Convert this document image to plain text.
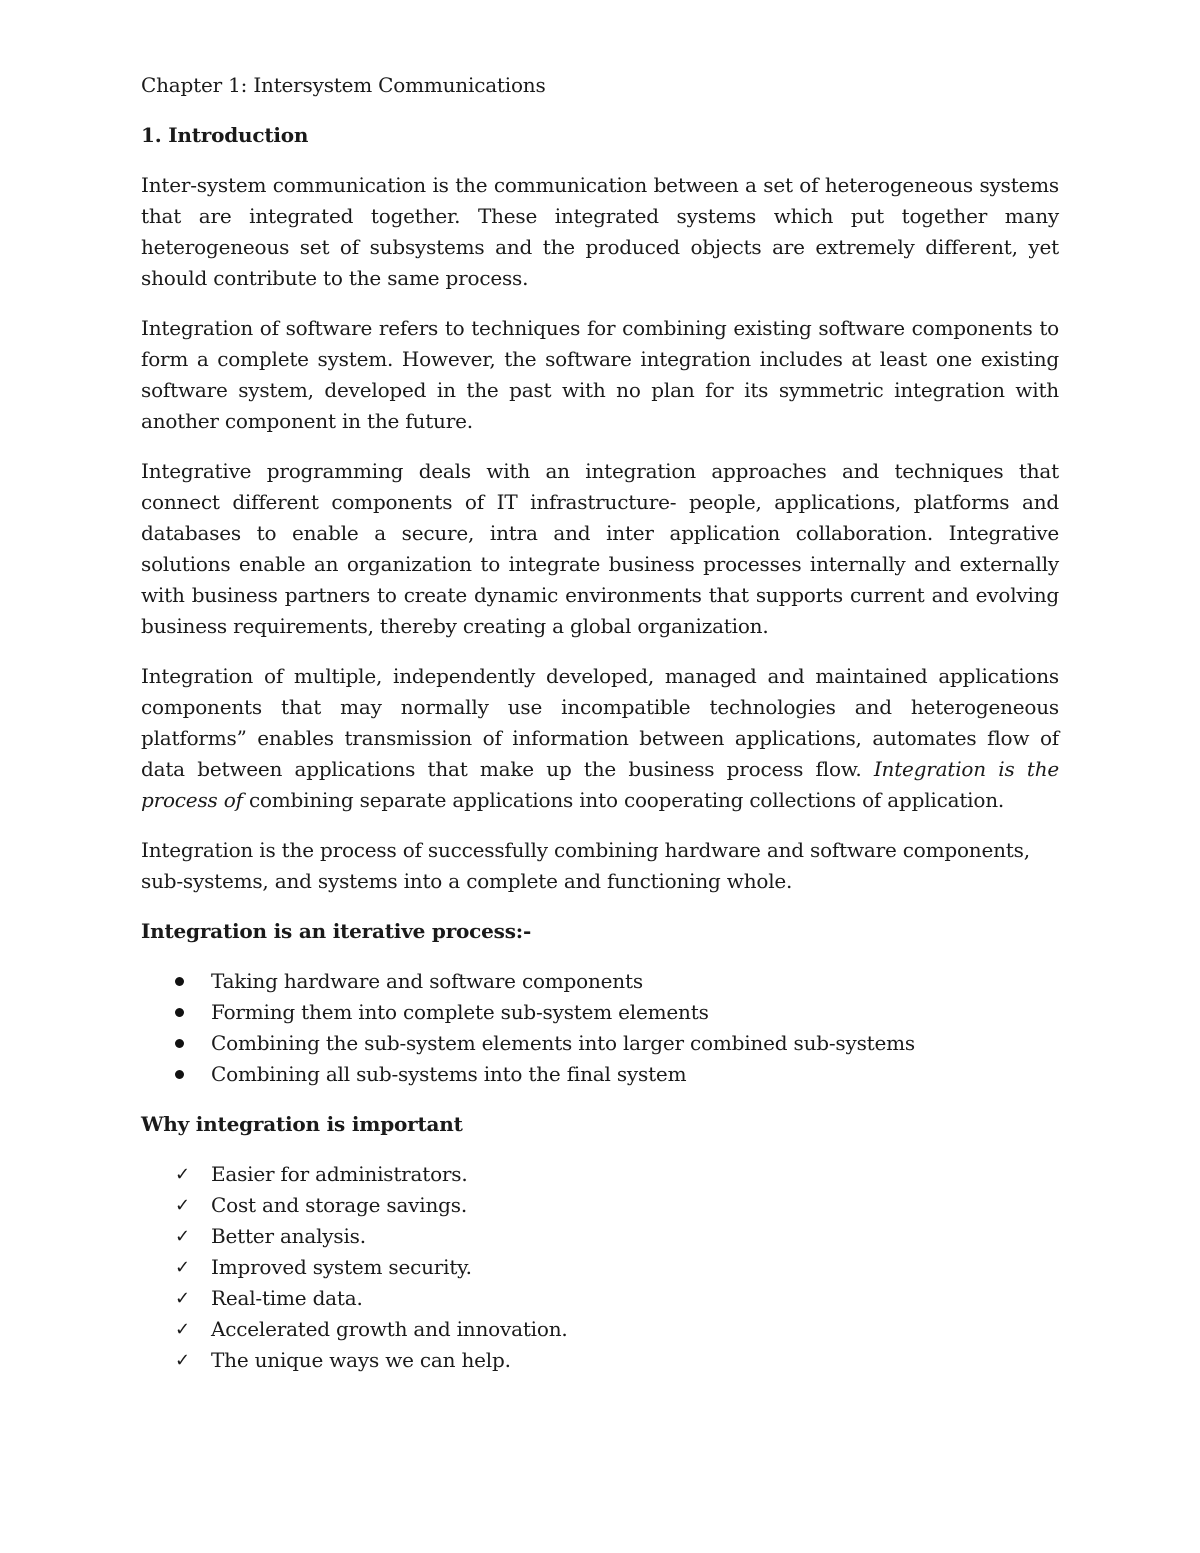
Chapter 1: Intersystem Communications
1. Introduction

Inter-system communication is the communication between a set of heterogeneous systems that are integrated together. These integrated systems which put together many heterogeneous set of subsystems and the produced objects are extremely different, yet should contribute to the same process.

Integration of software refers to techniques for combining existing software components to form a complete system. However, the software integration includes at least one existing software system, developed in the past with no plan for its symmetric integration with another component in the future.

Integrative programming deals with an integration approaches and techniques that connect different components of IT infrastructure- people, applications, platforms and databases to enable a secure, intra and inter application collaboration. Integrative solutions enable an organization to integrate business processes internally and externally with business partners to create dynamic environments that supports current and evolving business requirements, thereby creating a global organization.

Integration of multiple, independently developed, managed and maintained applications components that may normally use incompatible technologies and heterogeneous platforms” enables transmission of information between applications, automates flow of data between applications that make up the business process flow. Integration is the process of combining separate applications into cooperating collections of application.

Integration is the process of successfully combining hardware and software components, sub-systems, and systems into a complete and functioning whole.

Integration is an iterative process:-
Taking hardware and software components
Forming them into complete sub-system elements
Combining the sub-system elements into larger combined sub-systems
Combining all sub-systems into the final system
Why integration is important
✓	Easier for administrators.
✓	Cost and storage savings.
✓	Better analysis.
✓	Improved system security.
✓	Real-time data.
✓	Accelerated growth and innovation.
✓	The unique ways we can help.
